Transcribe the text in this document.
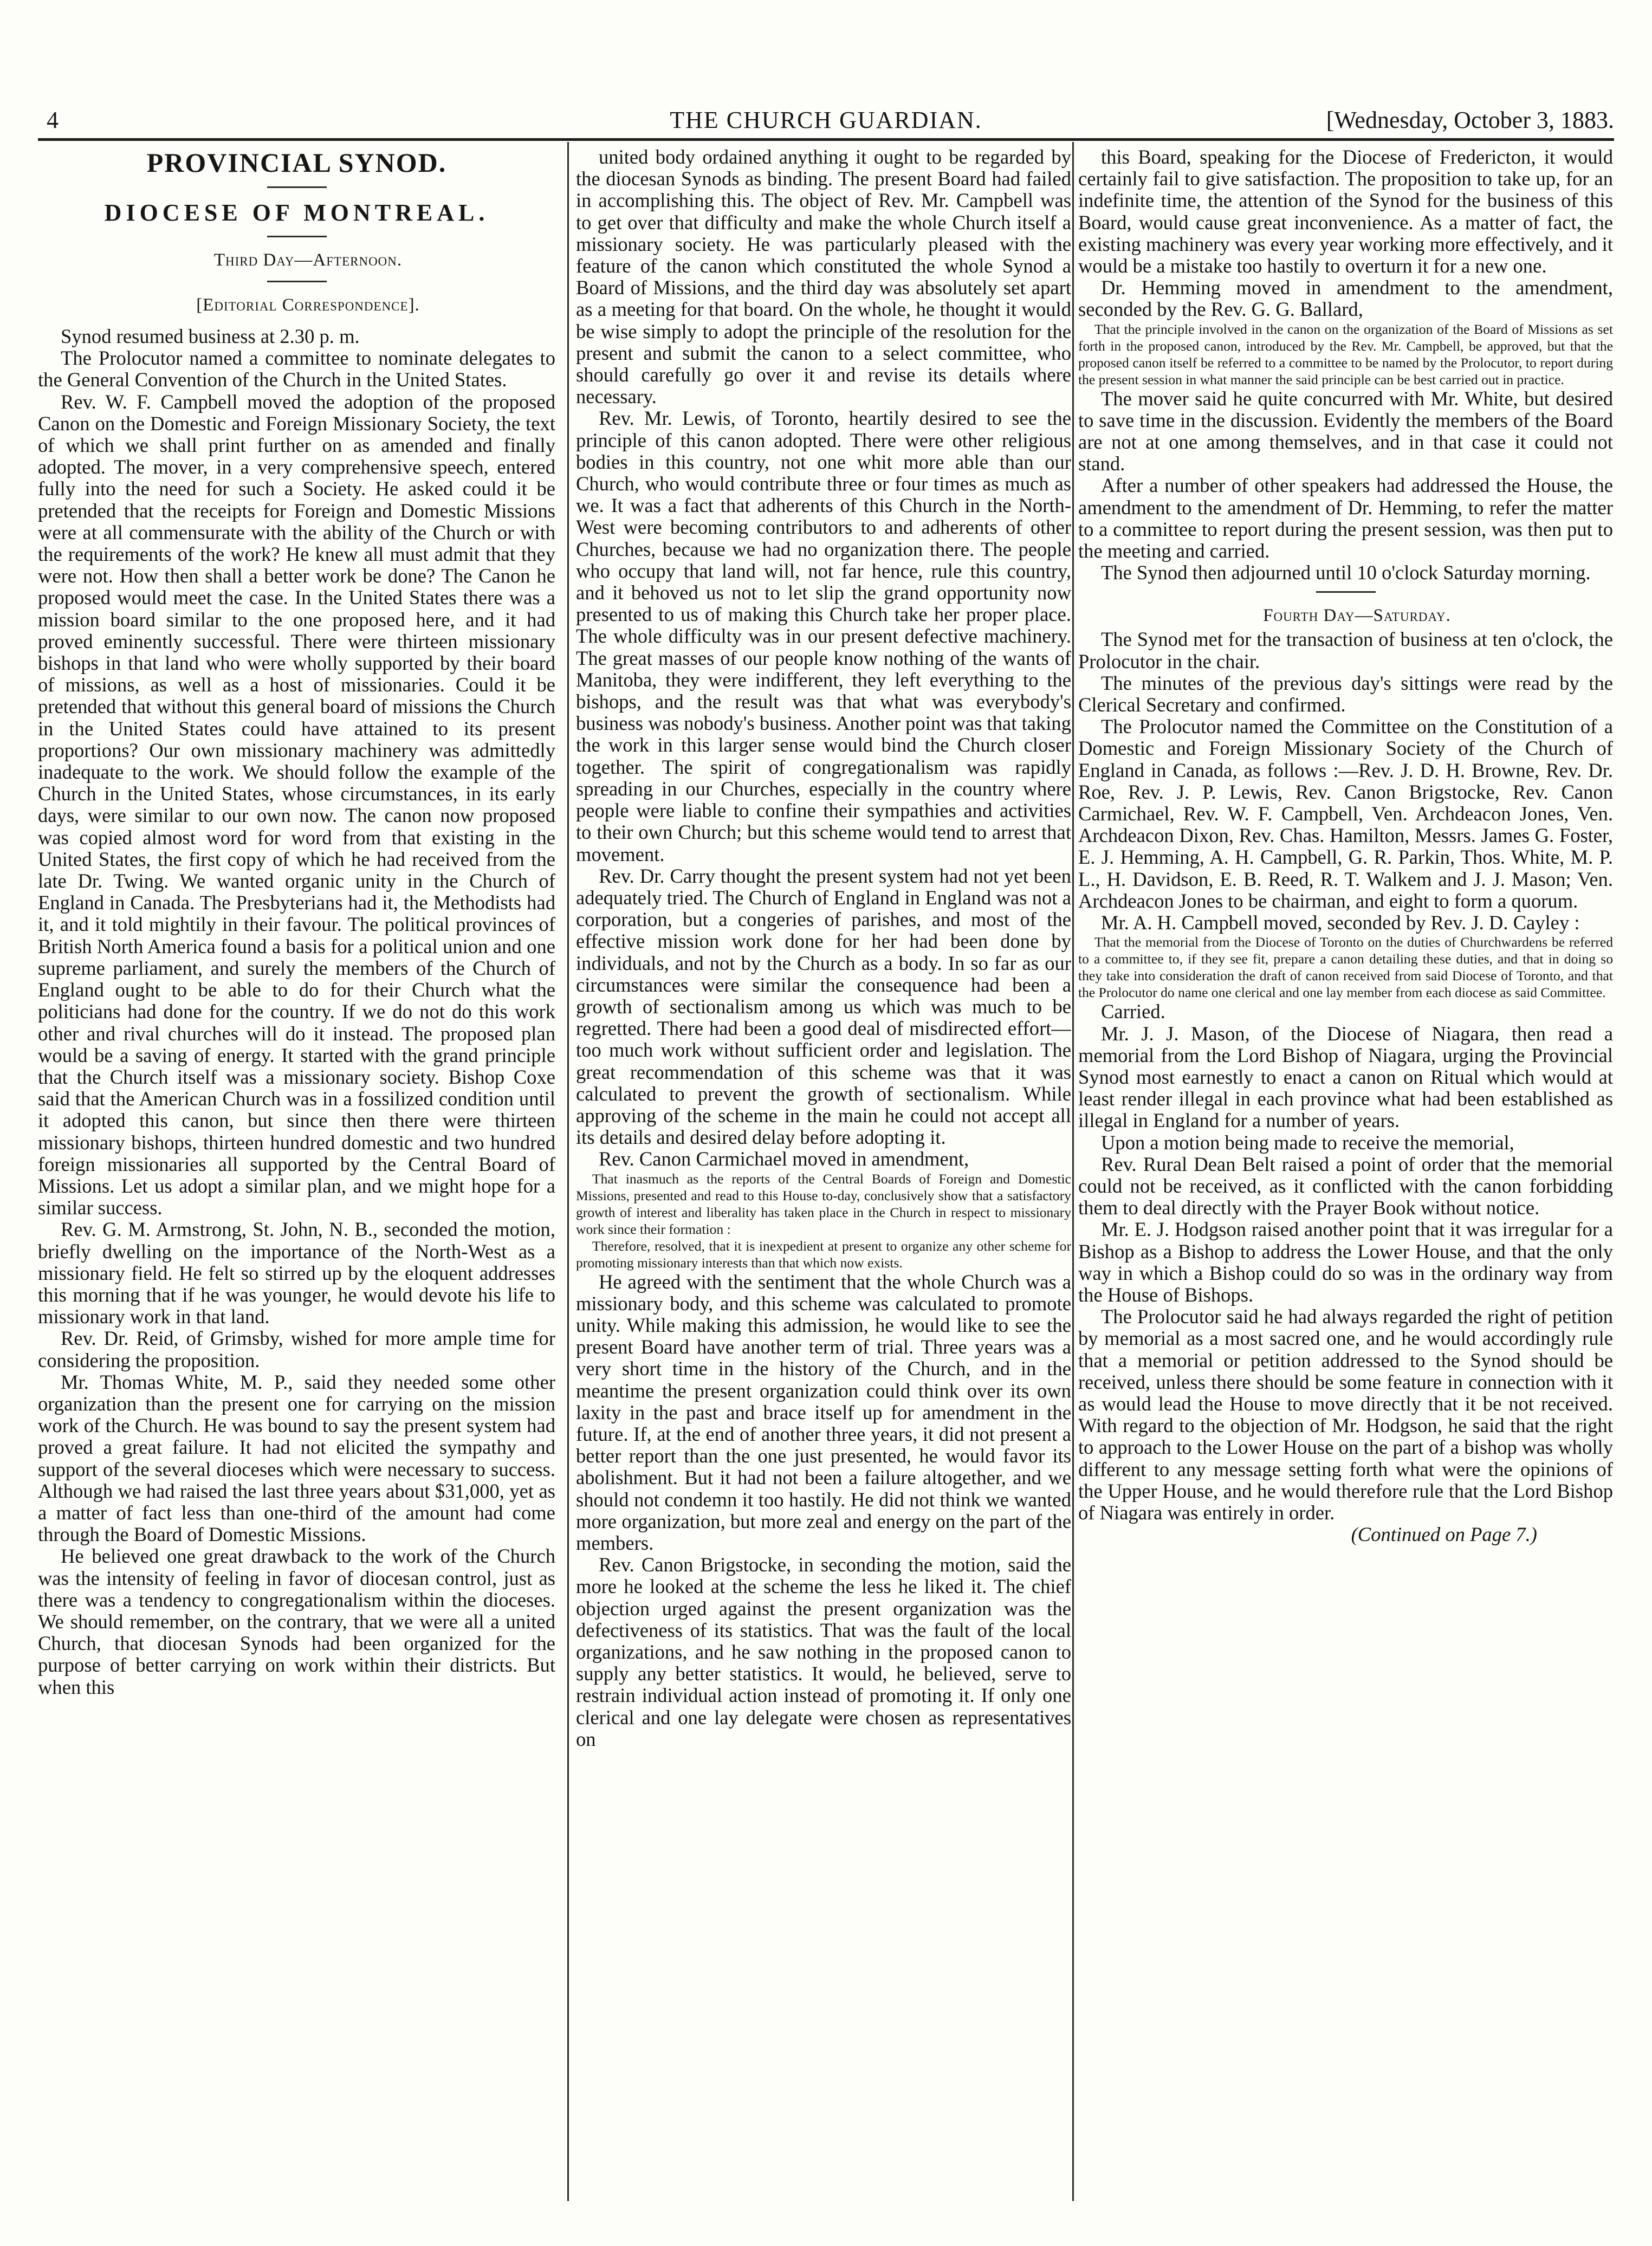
4	THE CHURCH GUARDIAN.	[Wednesday, October 3, 1883.
PROVINCIAL SYNOD.
DIOCESE OF MONTREAL.

Third Day—Afternoon.

[Editorial Correspondence].

Synod resumed business at 2.30 p. m.

The Prolocutor named a committee to nominate delegates to the General Convention of the Church in the United States.

Rev. W. F. Campbell moved the adoption of the proposed Canon on the Domestic and Foreign Missionary Society, the text of which we shall print further on as amended and finally adopted. The mover, in a very comprehensive speech, entered fully into the need for such a Society. He asked could it be pretended that the receipts for Foreign and Domestic Missions were at all commensurate with the ability of the Church or with the requirements of the work? He knew all must admit that they were not. How then shall a better work be done? The Canon he proposed would meet the case. In the United States there was a mission board similar to the one proposed here, and it had proved eminently successful. There were thirteen missionary bishops in that land who were wholly supported by their board of missions, as well as a host of missionaries. Could it be pretended that without this general board of missions the Church in the United States could have attained to its present proportions? Our own missionary machinery was admittedly inadequate to the work. We should follow the example of the Church in the United States, whose circumstances, in its early days, were similar to our own now. The canon now proposed was copied almost word for word from that existing in the United States, the first copy of which he had received from the late Dr. Twing. We wanted organic unity in the Church of England in Canada. The Presbyterians had it, the Methodists had it, and it told mightily in their favour. The political provinces of British North America found a basis for a political union and one supreme parliament, and surely the members of the Church of England ought to be able to do for their Church what the politicians had done for the country. If we do not do this work other and rival churches will do it instead. The proposed plan would be a saving of energy. It started with the grand principle that the Church itself was a missionary society. Bishop Coxe said that the American Church was in a fossilized condition until it adopted this canon, but since then there were thirteen missionary bishops, thirteen hundred domestic and two hundred foreign missionaries all supported by the Central Board of Missions. Let us adopt a similar plan, and we might hope for a similar success.

Rev. G. M. Armstrong, St. John, N. B., seconded the motion, briefly dwelling on the importance of the North-West as a missionary field. He felt so stirred up by the eloquent addresses this morning that if he was younger, he would devote his life to missionary work in that land.

Rev. Dr. Reid, of Grimsby, wished for more ample time for considering the proposition.

Mr. Thomas White, M. P., said they needed some other organization than the present one for carrying on the mission work of the Church. He was bound to say the present system had proved a great failure. It had not elicited the sympathy and support of the several dioceses which were necessary to success. Although we had raised the last three years about $31,000, yet as a matter of fact less than one-third of the amount had come through the Board of Domestic Missions.

He believed one great drawback to the work of the Church was the intensity of feeling in favor of diocesan control, just as there was a tendency to congregationalism within the dioceses. We should remember, on the contrary, that we were all a united Church, that diocesan Synods had been organized for the purpose of better carrying on work within their districts. But when this

united body ordained anything it ought to be regarded by the diocesan Synods as binding. The present Board had failed in accomplishing this. The object of Rev. Mr. Campbell was to get over that difficulty and make the whole Church itself a missionary society. He was particularly pleased with the feature of the canon which constituted the whole Synod a Board of Missions, and the third day was absolutely set apart as a meeting for that board. On the whole, he thought it would be wise simply to adopt the principle of the resolution for the present and submit the canon to a select committee, who should carefully go over it and revise its details where necessary.

Rev. Mr. Lewis, of Toronto, heartily desired to see the principle of this canon adopted. There were other religious bodies in this country, not one whit more able than our Church, who would contribute three or four times as much as we. It was a fact that adherents of this Church in the North-West were becoming contributors to and adherents of other Churches, because we had no organization there. The people who occupy that land will, not far hence, rule this country, and it behoved us not to let slip the grand opportunity now presented to us of making this Church take her proper place. The whole difficulty was in our present defective machinery. The great masses of our people know nothing of the wants of Manitoba, they were indifferent, they left everything to the bishops, and the result was that what was everybody's business was nobody's business. Another point was that taking the work in this larger sense would bind the Church closer together. The spirit of congregationalism was rapidly spreading in our Churches, especially in the country where people were liable to confine their sympathies and activities to their own Church; but this scheme would tend to arrest that movement.

Rev. Dr. Carry thought the present system had not yet been adequately tried. The Church of England in England was not a corporation, but a congeries of parishes, and most of the effective mission work done for her had been done by individuals, and not by the Church as a body. In so far as our circumstances were similar the consequence had been a growth of sectionalism among us which was much to be regretted. There had been a good deal of misdirected effort—too much work without sufficient order and legislation. The great recommendation of this scheme was that it was calculated to prevent the growth of sectionalism. While approving of the scheme in the main he could not accept all its details and desired delay before adopting it.

Rev. Canon Carmichael moved in amendment,

That inasmuch as the reports of the Central Boards of Foreign and Domestic Missions, presented and read to this House to-day, conclusively show that a satisfactory growth of interest and liberality has taken place in the Church in respect to missionary work since their formation :

Therefore, resolved, that it is inexpedient at present to organize any other scheme for promoting missionary interests than that which now exists.

He agreed with the sentiment that the whole Church was a missionary body, and this scheme was calculated to promote unity. While making this admission, he would like to see the present Board have another term of trial. Three years was a very short time in the history of the Church, and in the meantime the present organization could think over its own laxity in the past and brace itself up for amendment in the future. If, at the end of another three years, it did not present a better report than the one just presented, he would favor its abolishment. But it had not been a failure altogether, and we should not condemn it too hastily. He did not think we wanted more organization, but more zeal and energy on the part of the members.

Rev. Canon Brigstocke, in seconding the motion, said the more he looked at the scheme the less he liked it. The chief objection urged against the present organization was the defectiveness of its statistics. That was the fault of the local organizations, and he saw nothing in the proposed canon to supply any better statistics. It would, he believed, serve to restrain individual action instead of promoting it. If only one clerical and one lay delegate were chosen as representatives on

this Board, speaking for the Diocese of Fredericton, it would certainly fail to give satisfaction. The proposition to take up, for an indefinite time, the attention of the Synod for the business of this Board, would cause great inconvenience. As a matter of fact, the existing machinery was every year working more effectively, and it would be a mistake too hastily to overturn it for a new one.

Dr. Hemming moved in amendment to the amendment, seconded by the Rev. G. G. Ballard,

That the principle involved in the canon on the organization of the Board of Missions as set forth in the proposed canon, introduced by the Rev. Mr. Campbell, be approved, but that the proposed canon itself be referred to a committee to be named by the Prolocutor, to report during the present session in what manner the said principle can be best carried out in practice.

The mover said he quite concurred with Mr. White, but desired to save time in the discussion. Evidently the members of the Board are not at one among themselves, and in that case it could not stand.

After a number of other speakers had addressed the House, the amendment to the amendment of Dr. Hemming, to refer the matter to a committee to report during the present session, was then put to the meeting and carried.

The Synod then adjourned until 10 o'clock Saturday morning.

Fourth Day—Saturday.

The Synod met for the transaction of business at ten o'clock, the Prolocutor in the chair.

The minutes of the previous day's sittings were read by the Clerical Secretary and confirmed.

The Prolocutor named the Committee on the Constitution of a Domestic and Foreign Missionary Society of the Church of England in Canada, as follows :—Rev. J. D. H. Browne, Rev. Dr. Roe, Rev. J. P. Lewis, Rev. Canon Brigstocke, Rev. Canon Carmichael, Rev. W. F. Campbell, Ven. Archdeacon Jones, Ven. Archdeacon Dixon, Rev. Chas. Hamilton, Messrs. James G. Foster, E. J. Hemming, A. H. Campbell, G. R. Parkin, Thos. White, M. P. L., H. Davidson, E. B. Reed, R. T. Walkem and J. J. Mason; Ven. Archdeacon Jones to be chairman, and eight to form a quorum.

Mr. A. H. Campbell moved, seconded by Rev. J. D. Cayley :

That the memorial from the Diocese of Toronto on the duties of Churchwardens be referred to a committee to, if they see fit, prepare a canon detailing these duties, and that in doing so they take into consideration the draft of canon received from said Diocese of Toronto, and that the Prolocutor do name one clerical and one lay member from each diocese as said Committee.

Carried.

Mr. J. J. Mason, of the Diocese of Niagara, then read a memorial from the Lord Bishop of Niagara, urging the Provincial Synod most earnestly to enact a canon on Ritual which would at least render illegal in each province what had been established as illegal in England for a number of years.

Upon a motion being made to receive the memorial,

Rev. Rural Dean Belt raised a point of order that the memorial could not be received, as it conflicted with the canon forbidding them to deal directly with the Prayer Book without notice.

Mr. E. J. Hodgson raised another point that it was irregular for a Bishop as a Bishop to address the Lower House, and that the only way in which a Bishop could do so was in the ordinary way from the House of Bishops.

The Prolocutor said he had always regarded the right of petition by memorial as a most sacred one, and he would accordingly rule that a memorial or petition addressed to the Synod should be received, unless there should be some feature in connection with it as would lead the House to move directly that it be not received. With regard to the objection of Mr. Hodgson, he said that the right to approach to the Lower House on the part of a bishop was wholly different to any message setting forth what were the opinions of the Upper House, and he would therefore rule that the Lord Bishop of Niagara was entirely in order.

(Continued on Page 7.)
